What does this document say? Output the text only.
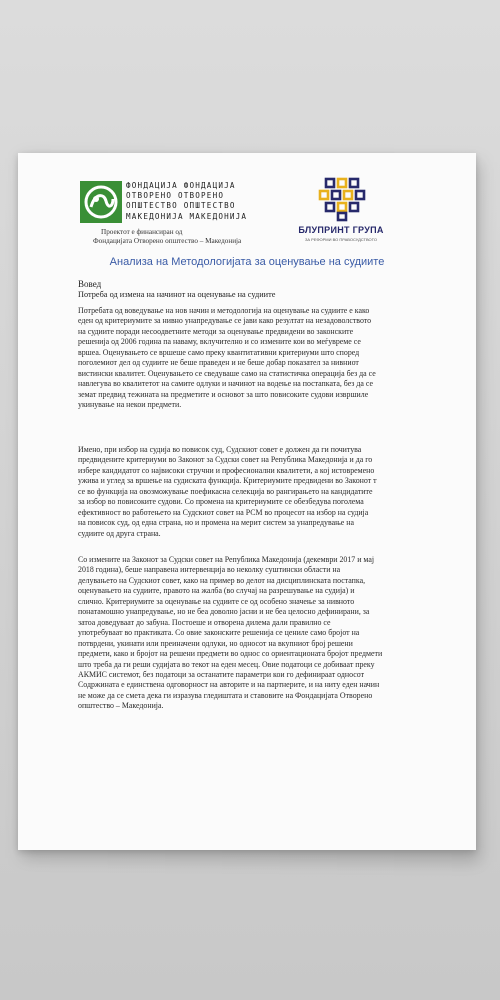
ФОНДАЦИЈА ФОНДАЦИЈА
ОТВОРЕНО ОТВОРЕНО
ОПШТЕСТВО ОПШТЕСТВО
МАКЕДОНИЈА МАКЕДОНИЈА
Проектот е финансиран од
Фондацијата Отворено општество – Македонија
БЛУПРИНТ ГРУПА
ЗА РЕФОРМИ ВО ПРАВОСУДСТВОТО
Анализа на Методологијата за оценување на судиите
Вовед
Потреба од измена на начинот на оценување на судиите
Потребата од воведување на нов начин и методологија на оценување на судиите е како
еден од критериумите за нивно унапредување се јави како резултат на незадоволството
на судиите поради несоодветните методи за оценување предвидени во законските
решенија од 2006 година па наваму, вклучително и со измените кои во меѓувреме се
вршеа. Оценувањето се вршеше само преку квантитативни критериуми што според
поголемиот дел од судиите не беше праведен и не беше добар показател за нивниот
вистински квалитет. Оценувањето се сведуваше само на статистичка операција без да се
навлегува во квалитетот на самите одлуки и начинот на водење на постапката, без да се
земат предвид тежината на предметите и основот за што повисоките судови извршиле
укинување на некои предмети.
Имено, при избор на судија во повисок суд, Судскиот совет е должен да ги почитува
предвидените критериуми во Законот за Судски совет на Република Македонија и да го
избере кандидатот со највисоки стручни и професионални квалитети, а кој истовремено
ужива и углед за вршење на судиската функција. Критериумите предвидени во Законот т
се во функција на овозможување поефикасна селекција во рангирањето на кандидатите
за избор во повисоките судови. Со промена на критериумите се обезбедува поголема
ефективност во работењето на Судскиот совет на РСМ во процесот на избор на судија
на повисок суд, од една страна, но и промена на мерит систем за унапредување на
судиите од друга страна.
Со измените на Законот за Судски совет на Република Македонија (декември 2017 и мај
2018 година), беше направена интервенција во неколку суштински области на
делувањето на Судскиот совет, како на пример во делот на дисциплинската постапка,
оценувањето на судиите, правото на жалба (во случај на разрешување на судија) и
слично. Критериумите за оценување на судиите се од особено значење за нивното
понатамошно унапредување, но не беа доволно јасни и не беа целосно дефинирани, за
затоа доведуваат до забуна. Постоеше и отворена дилема дали правилно се
употребуваат во практиката. Со овие законските решенија се цениле само бројот на
потврдени, укинати или преиначени одлуки, но односот на вкупниот број решени
предмети, како и бројот на решени предмети во однос со ориентационата бројот предмети
што треба да ги реши судијата во текот на еден месец. Овие податоци се добиваат преку
АКМИС системот, без податоци за останатите параметри кои го дефинираат односот
Содржината е единствена одговорност на авторите и на партнерите, и на ниту еден начин
не може да се смета дека ги изразува гледиштата и ставовите на Фондацијата Отворено
општество – Македонија.
